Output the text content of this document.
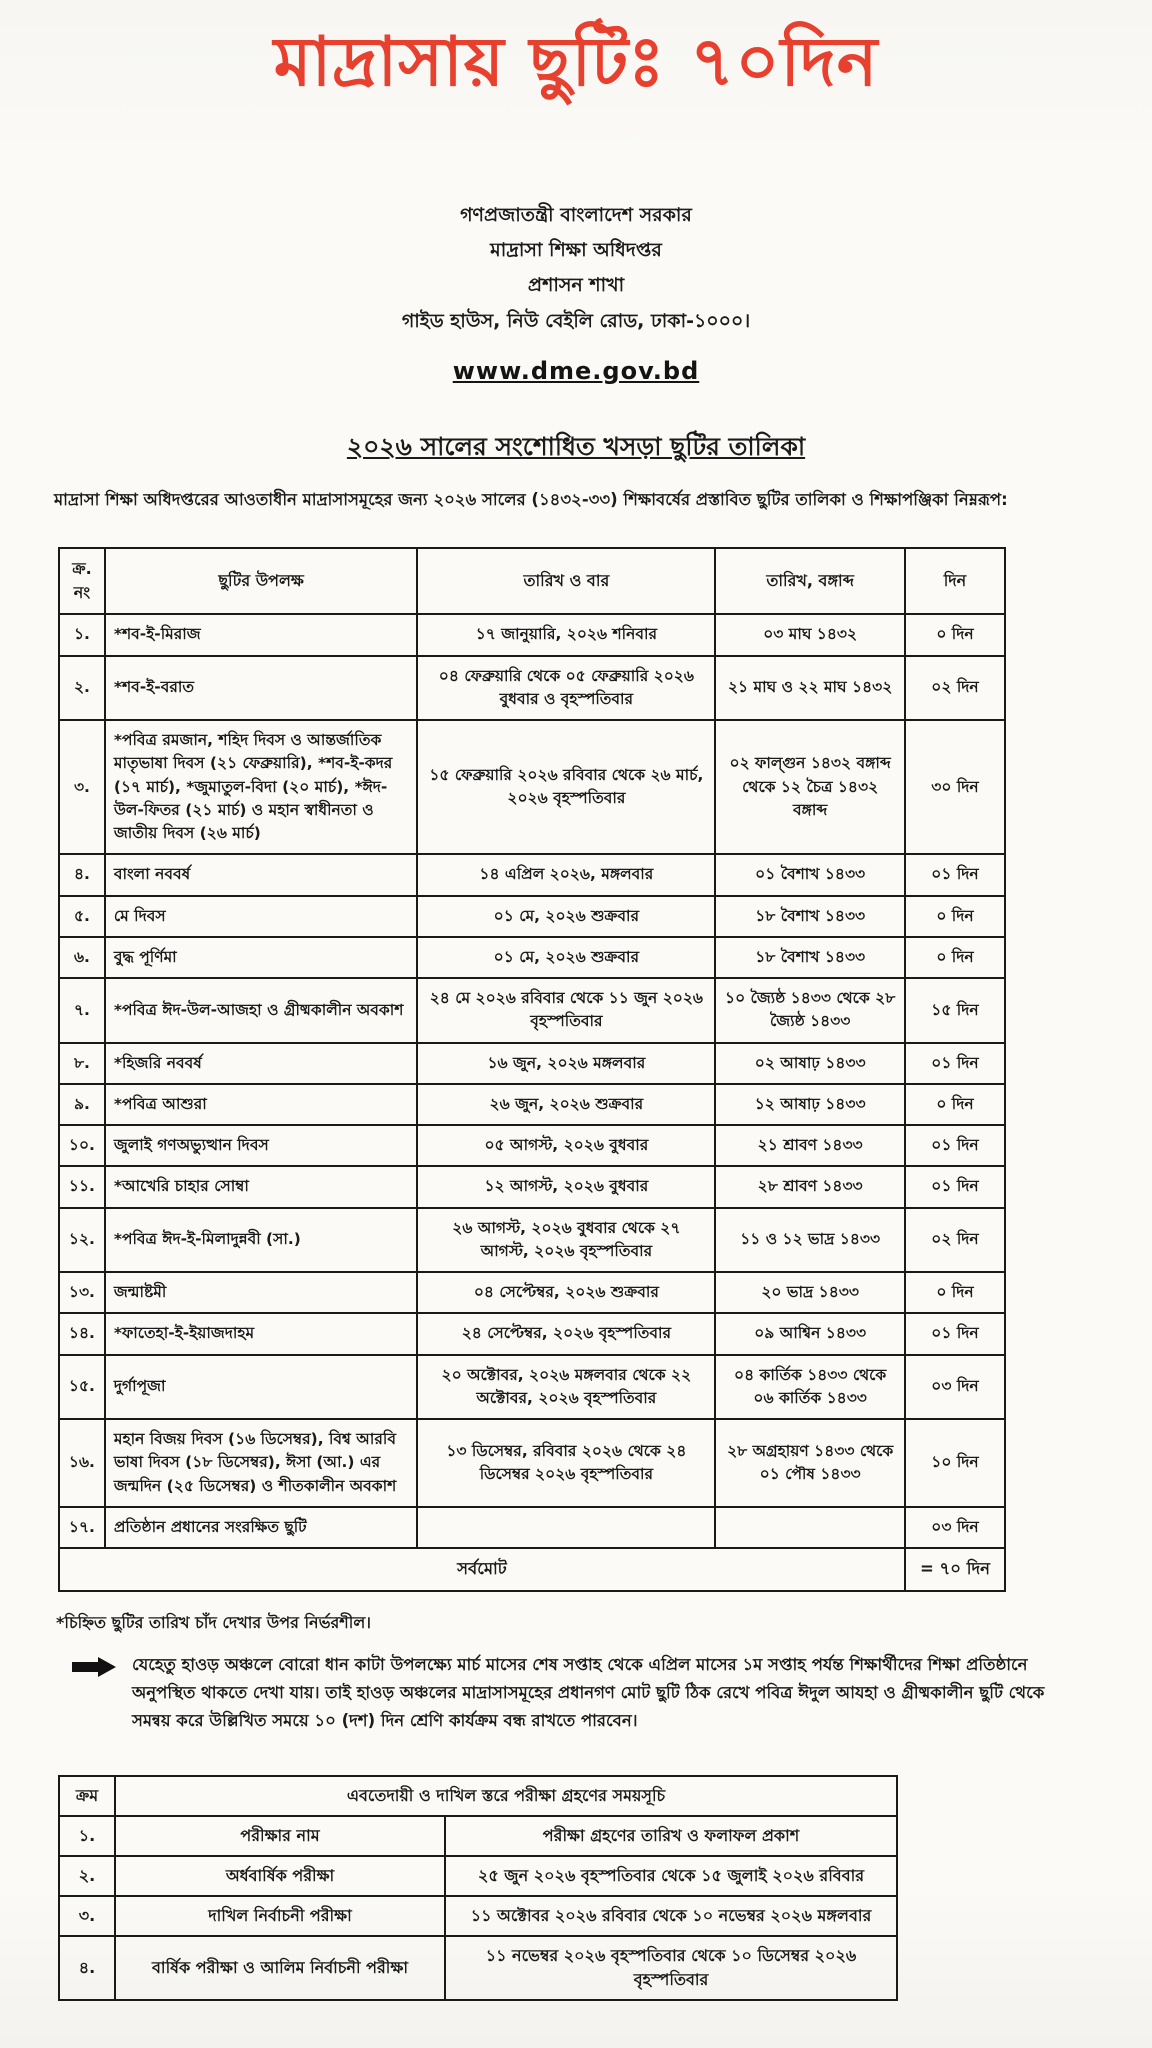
মাদ্রাসায় ছুটিঃ ৭০দিন
গণপ্রজাতন্ত্রী বাংলাদেশ সরকার
মাদ্রাসা শিক্ষা অধিদপ্তর
প্রশাসন শাখা
গাইড হাউস, নিউ বেইলি রোড, ঢাকা-১০০০।
www.dme.gov.bd
২০২৬ সালের সংশোধিত খসড়া ছুটির তালিকা

মাদ্রাসা শিক্ষা অধিদপ্তরের আওতাধীন মাদ্রাসাসমূহের জন্য ২০২৬ সালের (১৪৩২-৩৩) শিক্ষাবর্ষের প্রস্তাবিত ছুটির তালিকা ও শিক্ষাপঞ্জিকা নিম্নরূপ:

ক্র. নং	ছুটির উপলক্ষ	তারিখ ও বার	তারিখ, বঙ্গাব্দ	দিন
১.	*শব-ই-মিরাজ	১৭ জানুয়ারি, ২০২৬ শনিবার	০৩ মাঘ ১৪৩২	০ দিন
২.	*শব-ই-বরাত	০৪ ফেব্রুয়ারি থেকে ০৫ ফেব্রুয়ারি ২০২৬ বুধবার ও বৃহস্পতিবার	২১ মাঘ ও ২২ মাঘ ১৪৩২	০২ দিন
৩.	*পবিত্র রমজান, শহিদ দিবস ও আন্তর্জাতিক মাতৃভাষা দিবস (২১ ফেব্রুয়ারি), *শব-ই-কদর (১৭ মার্চ), *জুমাতুল-বিদা (২০ মার্চ), *ঈদ-উল-ফিতর (২১ মার্চ) ও মহান স্বাধীনতা ও জাতীয় দিবস (২৬ মার্চ)	১৫ ফেব্রুয়ারি ২০২৬ রবিবার থেকে ২৬ মার্চ, ২০২৬ বৃহস্পতিবার	০২ ফাল্গুন ১৪৩২ বঙ্গাব্দ থেকে ১২ চৈত্র ১৪৩২ বঙ্গাব্দ	৩০ দিন
৪.	বাংলা নববর্ষ	১৪ এপ্রিল ২০২৬, মঙ্গলবার	০১ বৈশাখ ১৪৩৩	০১ দিন
৫.	মে দিবস	০১ মে, ২০২৬ শুক্রবার	১৮ বৈশাখ ১৪৩৩	০ দিন
৬.	বুদ্ধ পূর্ণিমা	০১ মে, ২০২৬ শুক্রবার	১৮ বৈশাখ ১৪৩৩	০ দিন
৭.	*পবিত্র ঈদ-উল-আজহা ও গ্রীষ্মকালীন অবকাশ	২৪ মে ২০২৬ রবিবার থেকে ১১ জুন ২০২৬ বৃহস্পতিবার	১০ জ্যৈষ্ঠ ১৪৩৩ থেকে ২৮ জ্যৈষ্ঠ ১৪৩৩	১৫ দিন
৮.	*হিজরি নববর্ষ	১৬ জুন, ২০২৬ মঙ্গলবার	০২ আষাঢ় ১৪৩৩	০১ দিন
৯.	*পবিত্র আশুরা	২৬ জুন, ২০২৬ শুক্রবার	১২ আষাঢ় ১৪৩৩	০ দিন
১০.	জুলাই গণঅভ্যুত্থান দিবস	০৫ আগস্ট, ২০২৬ বুধবার	২১ শ্রাবণ ১৪৩৩	০১ দিন
১১.	*আখেরি চাহার সোম্বা	১২ আগস্ট, ২০২৬ বুধবার	২৮ শ্রাবণ ১৪৩৩	০১ দিন
১২.	*পবিত্র ঈদ-ই-মিলাদুন্নবী (সা.)	২৬ আগস্ট, ২০২৬ বুধবার থেকে ২৭ আগস্ট, ২০২৬ বৃহস্পতিবার	১১ ও ১২ ভাদ্র ১৪৩৩	০২ দিন
১৩.	জন্মাষ্টমী	০৪ সেপ্টেম্বর, ২০২৬ শুক্রবার	২০ ভাদ্র ১৪৩৩	০ দিন
১৪.	*ফাতেহা-ই-ইয়াজদাহম	২৪ সেপ্টেম্বর, ২০২৬ বৃহস্পতিবার	০৯ আশ্বিন ১৪৩৩	০১ দিন
১৫.	দুর্গাপূজা	২০ অক্টোবর, ২০২৬ মঙ্গলবার থেকে ২২ অক্টোবর, ২০২৬ বৃহস্পতিবার	০৪ কার্তিক ১৪৩৩ থেকে ০৬ কার্তিক ১৪৩৩	০৩ দিন
১৬.	মহান বিজয় দিবস (১৬ ডিসেম্বর), বিশ্ব আরবি ভাষা দিবস (১৮ ডিসেম্বর), ঈসা (আ.) এর জন্মদিন (২৫ ডিসেম্বর) ও শীতকালীন অবকাশ	১৩ ডিসেম্বর, রবিবার ২০২৬ থেকে ২৪ ডিসেম্বর ২০২৬ বৃহস্পতিবার	২৮ অগ্রহায়ণ ১৪৩৩ থেকে ০১ পৌষ ১৪৩৩	১০ দিন
১৭.	প্রতিষ্ঠান প্রধানের সংরক্ষিত ছুটি			০৩ দিন
সর্বমোট				= ৭০ দিন

*চিহ্নিত ছুটির তারিখ চাঁদ দেখার উপর নির্ভরশীল।

যেহেতু হাওড় অঞ্চলে বোরো ধান কাটা উপলক্ষ্যে মার্চ মাসের শেষ সপ্তাহ থেকে এপ্রিল মাসের ১ম সপ্তাহ পর্যন্ত শিক্ষার্থীদের শিক্ষা প্রতিষ্ঠানে অনুপস্থিত থাকতে দেখা যায়। তাই হাওড় অঞ্চলের মাদ্রাসাসমূহের প্রধানগণ মোট ছুটি ঠিক রেখে পবিত্র ঈদুল আযহা ও গ্রীষ্মকালীন ছুটি থেকে সমন্বয় করে উল্লিখিত সময়ে ১০ (দশ) দিন শ্রেণি কার্যক্রম বন্ধ রাখতে পারবেন।

ক্রম	এবতেদায়ী ও দাখিল স্তরে পরীক্ষা গ্রহণের সময়সূচি	
১.	পরীক্ষার নাম	পরীক্ষা গ্রহণের তারিখ ও ফলাফল প্রকাশ
২.	অর্ধবার্ষিক পরীক্ষা	২৫ জুন ২০২৬ বৃহস্পতিবার থেকে ১৫ জুলাই ২০২৬ রবিবার
৩.	দাখিল নির্বাচনী পরীক্ষা	১১ অক্টোবর ২০২৬ রবিবার থেকে ১০ নভেম্বর ২০২৬ মঙ্গলবার
৪.	বার্ষিক পরীক্ষা ও আলিম নির্বাচনী পরীক্ষা	১১ নভেম্বর ২০২৬ বৃহস্পতিবার থেকে ১০ ডিসেম্বর ২০২৬ বৃহস্পতিবার
